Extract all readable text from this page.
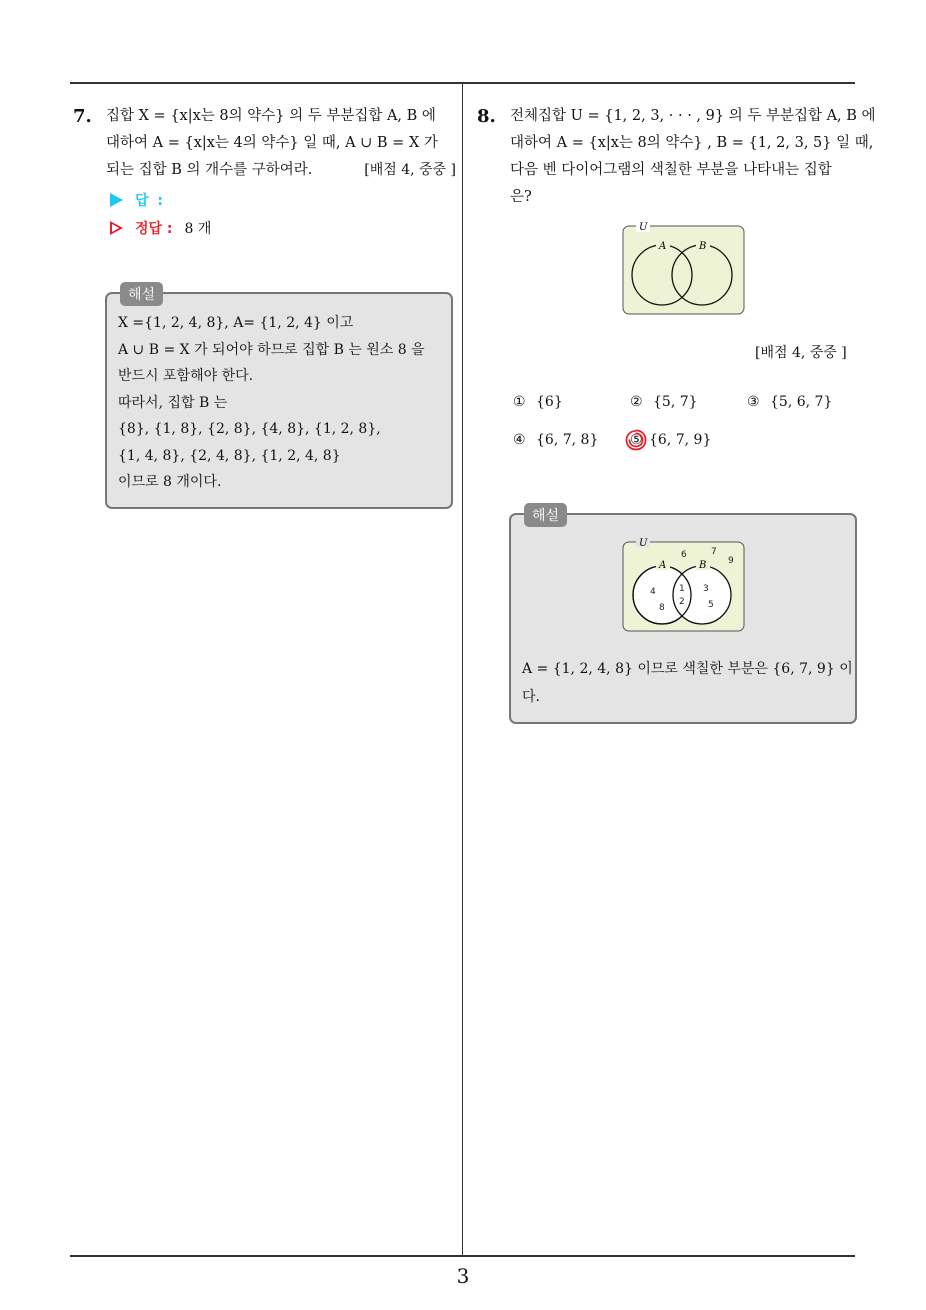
3
7. 집합 X = {x|x는 8의 약수} 의 두 부분집합 A, B 에
대하여 A = {x|x는 4의 약수} 일 때, A ∪ B = X 가
되는 집합 B 의 개수를 구하여라.	[배점 4, 중중 ]
답 :
정답 : 8 개
해설
X ={1, 2, 4, 8}, A= {1, 2, 4} 이고
A ∪ B = X 가 되어야 하므로 집합 B 는 원소 8 을
반드시 포함해야 한다.
따라서, 집합 B 는
{8}, {1, 8}, {2, 8}, {4, 8}, {1, 2, 8},
{1, 4, 8}, {2, 4, 8}, {1, 2, 4, 8}
이므로 8 개이다.
8. 전체집합 U = {1, 2, 3, · · · , 9} 의 두 부분집합 A, B 에
대하여 A = {x|x는 8의 약수} , B = {1, 2, 3, 5} 일 때,
다음 벤 다이어그램의 색칠한 부분을 나타내는 집합
은?
U
A	B
[배점 4, 중중 ]
① {6}	② {5, 7}	③ {5, 6, 7}
④ {6, 7, 8} ⑤ {6, 7, 9}
해설
U
A	B
6	7
9
4
8
1
2
3
5
A = {1, 2, 4, 8} 이므로 색칠한 부분은 {6, 7, 9} 이
다.
